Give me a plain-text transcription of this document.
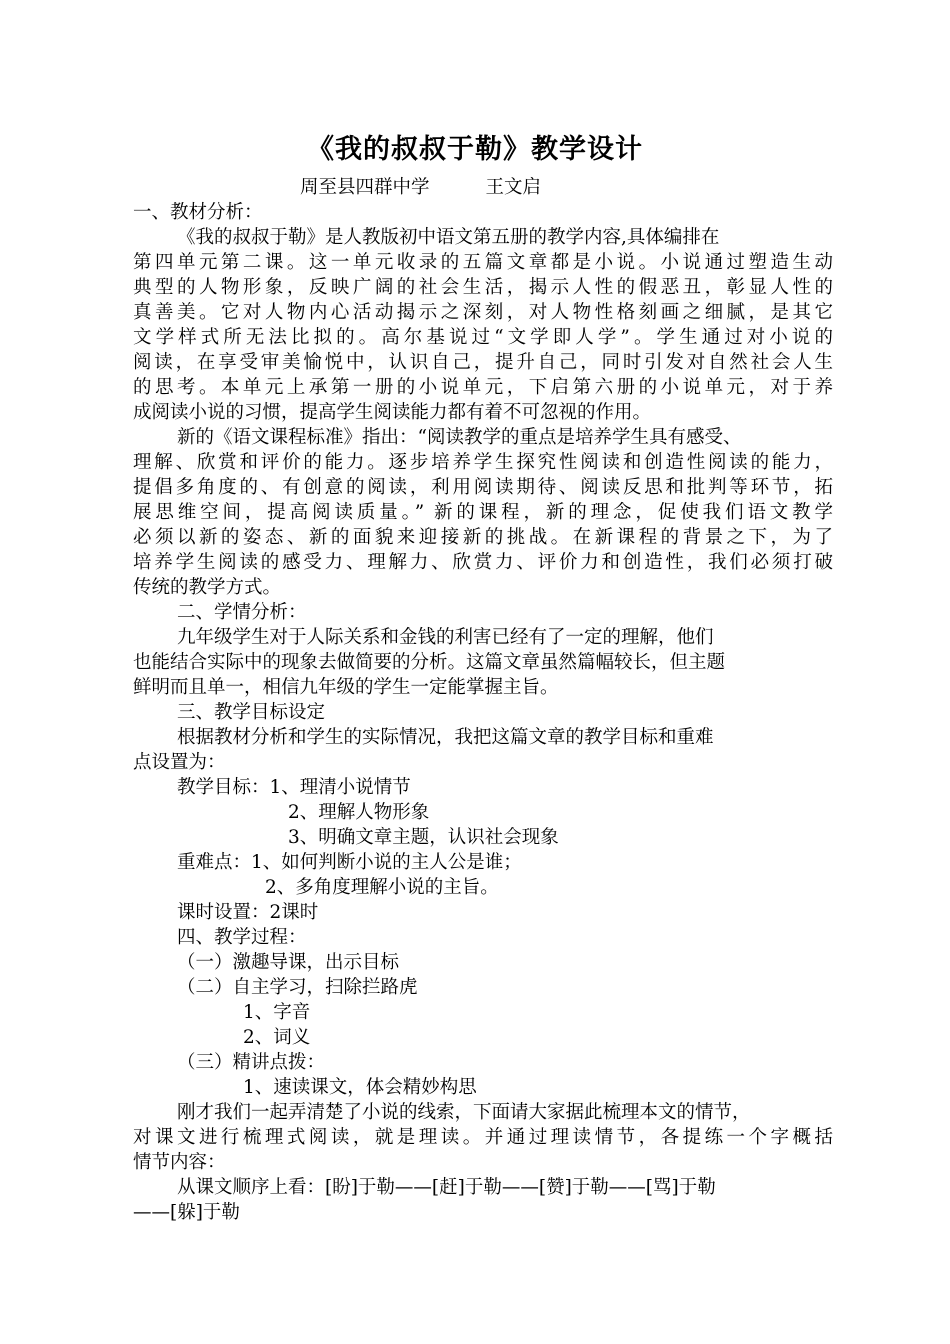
《我的叔叔于勒》教学设计
周至县四群中学	王文启
一、教材分析：
《我的叔叔于勒》是人教版初中语文第五册的教学内容,具体编排在
第四单元第二课。这一单元收录的五篇文章都是小说。小说通过塑造生动
典型的人物形象，反映广阔的社会生活，揭示人性的假恶丑，彰显人性的
真善美。它对人物内心活动揭示之深刻，对人物性格刻画之细腻，是其它
文学样式所无法比拟的。高尔基说过“文学即人学”。学生通过对小说的
阅读，在享受审美愉悦中，认识自己，提升自己，同时引发对自然社会人生
的思考。本单元上承第一册的小说单元，下启第六册的小说单元，对于养
成阅读小说的习惯，提高学生阅读能力都有着不可忽视的作用。
新的《语文课程标准》指出：“阅读教学的重点是培养学生具有感受、
理解、欣赏和评价的能力。逐步培养学生探究性阅读和创造性阅读的能力，
提倡多角度的、有创意的阅读，利用阅读期待、阅读反思和批判等环节，拓
展思维空间，提高阅读质量。” 新的课程，新的理念，促使我们语文教学
必须以新的姿态、新的面貌来迎接新的挑战。在新课程的背景之下，为了
培养学生阅读的感受力、理解力、欣赏力、评价力和创造性，我们必须打破
传统的教学方式。
二、学情分析：
九年级学生对于人际关系和金钱的利害已经有了一定的理解，他们
也能结合实际中的现象去做简要的分析。这篇文章虽然篇幅较长，但主题
鲜明而且单一，相信九年级的学生一定能掌握主旨。
三、教学目标设定
根据教材分析和学生的实际情况，我把这篇文章的教学目标和重难
点设置为：
教学目标：1、理清小说情节
2、理解人物形象
3、明确文章主题，认识社会现象
重难点：1、如何判断小说的主人公是谁；
2、多角度理解小说的主旨。
课时设置：2课时
四、教学过程：
（一）激趣导课，出示目标
（二）自主学习，扫除拦路虎
1、字音
2、词义
（三）精讲点拨：
1、速读课文，体会精妙构思
刚才我们一起弄清楚了小说的线索，下面请大家据此梳理本文的情节，
对课文进行梳理式阅读，就是理读。并通过理读情节，各提练一个字概括
情节内容：
从课文顺序上看：[盼]于勒——[赶]于勒——[赞]于勒——[骂]于勒
——[躲]于勒
